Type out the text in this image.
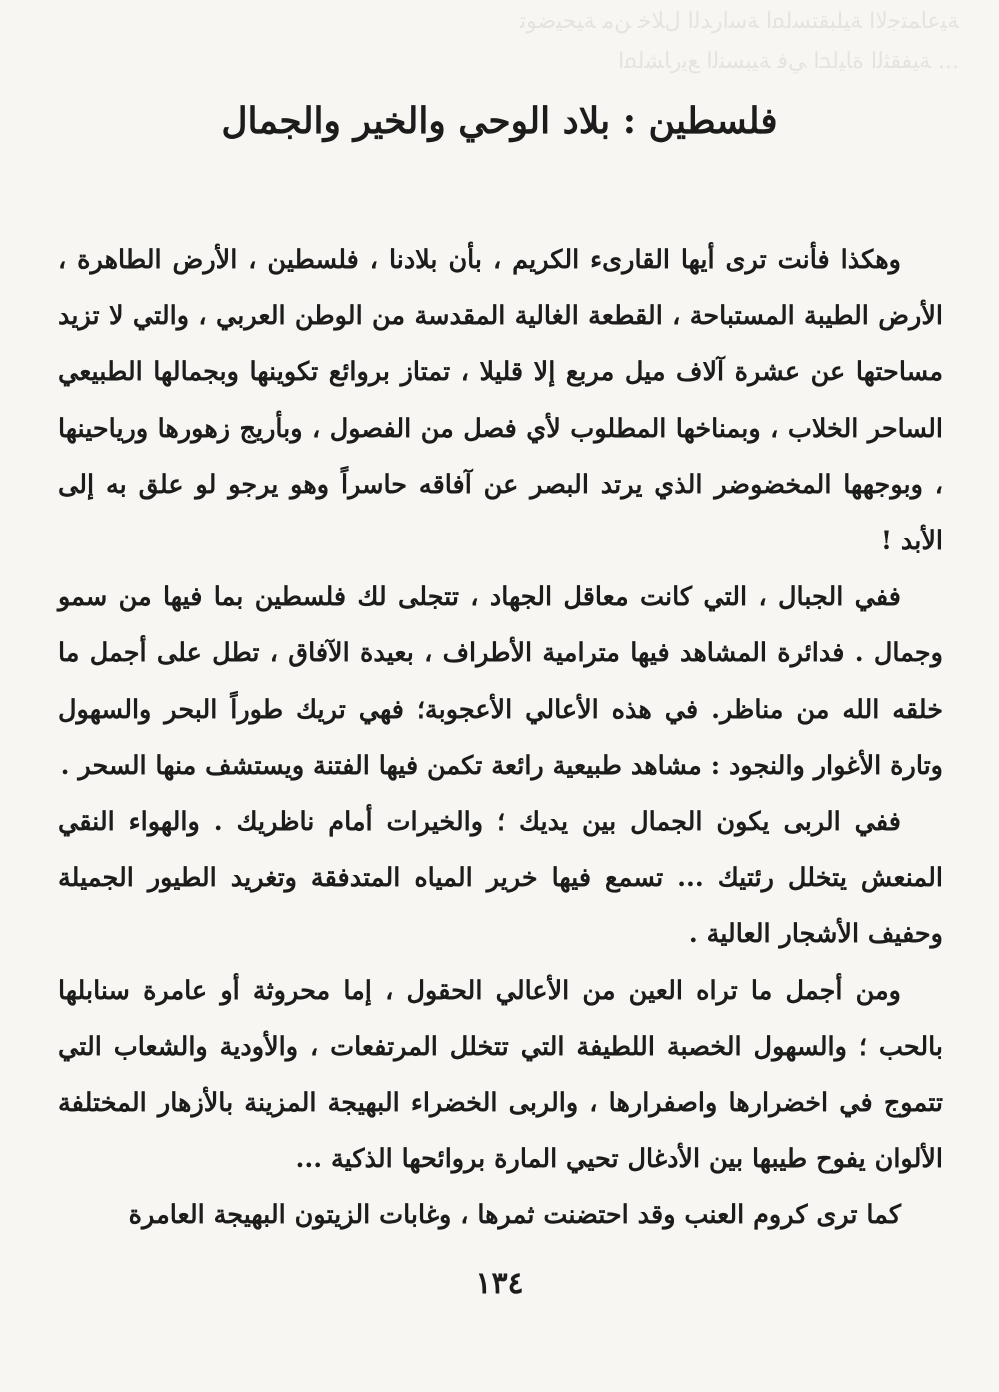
ﺔﻴﻋﺎﻤﺘﺟﻻﺍ ﺔﻴﻠﺒﻘﺘﺴﳌﺍ ﺔﺳﺍﺭﺪﻟﺍ ﻝﻼﺧ ﻦﻣ ﺔﻴﺤﻴﺿﻮﺗ
... ﺔﻴﻔﻘﺜﻟﺍ ﺓﺎﻴﳊﺍ ﻲﻓ ﺔﻴﺒﺴﻨﻟﺍ ﻊﻳﺭﺎﺸﳌﺍ
فلسطين : بلاد الوحي والخير والجمال

وهكذا فأنت ترى أيها القارىء الكريم ، بأن بلادنا ، فلسطين ، الأرض الطاهرة ، الأرض الطيبة المستباحة ، القطعة الغالية المقدسة من الوطن العربي ، والتي لا تزيد مساحتها عن عشرة آلاف ميل مربع إلا قليلا ، تمتاز بروائع تكوينها وبجمالها الطبيعي الساحر الخلاب ، وبمناخها المطلوب لأي فصل من الفصول ، وبأريج زهورها ورياحينها ، وبوجهها المخضوضر الذي يرتد البصر عن آفاقه حاسراً وهو يرجو لو علق به إلى الأبد !

ففي الجبال ، التي كانت معاقل الجهاد ، تتجلى لك فلسطين بما فيها من سمو وجمال . فدائرة المشاهد فيها مترامية الأطراف ، بعيدة الآفاق ، تطل على أجمل ما خلقه الله من مناظر. في هذه الأعالي الأعجوبة؛ فهي تريك طوراً البحر والسهول وتارة الأغوار والنجود : مشاهد طبيعية رائعة تكمن فيها الفتنة ويستشف منها السحر .

ففي الربى يكون الجمال بين يديك ؛ والخيرات أمام ناظريك . والهواء النقي المنعش يتخلل رئتيك ... تسمع فيها خرير المياه المتدفقة وتغريد الطيور الجميلة وحفيف الأشجار العالية .

ومن أجمل ما تراه العين من الأعالي الحقول ، إما محروثة أو عامرة سنابلها بالحب ؛ والسهول الخصبة اللطيفة التي تتخلل المرتفعات ، والأودية والشعاب التي تتموج في اخضرارها واصفرارها ، والربى الخضراء البهيجة المزينة بالأزهار المختلفة الألوان يفوح طيبها بين الأدغال تحيي المارة بروائحها الذكية ...

كما ترى كروم العنب وقد احتضنت ثمرها ، وغابات الزيتون البهيجة العامرة

١٣٤
